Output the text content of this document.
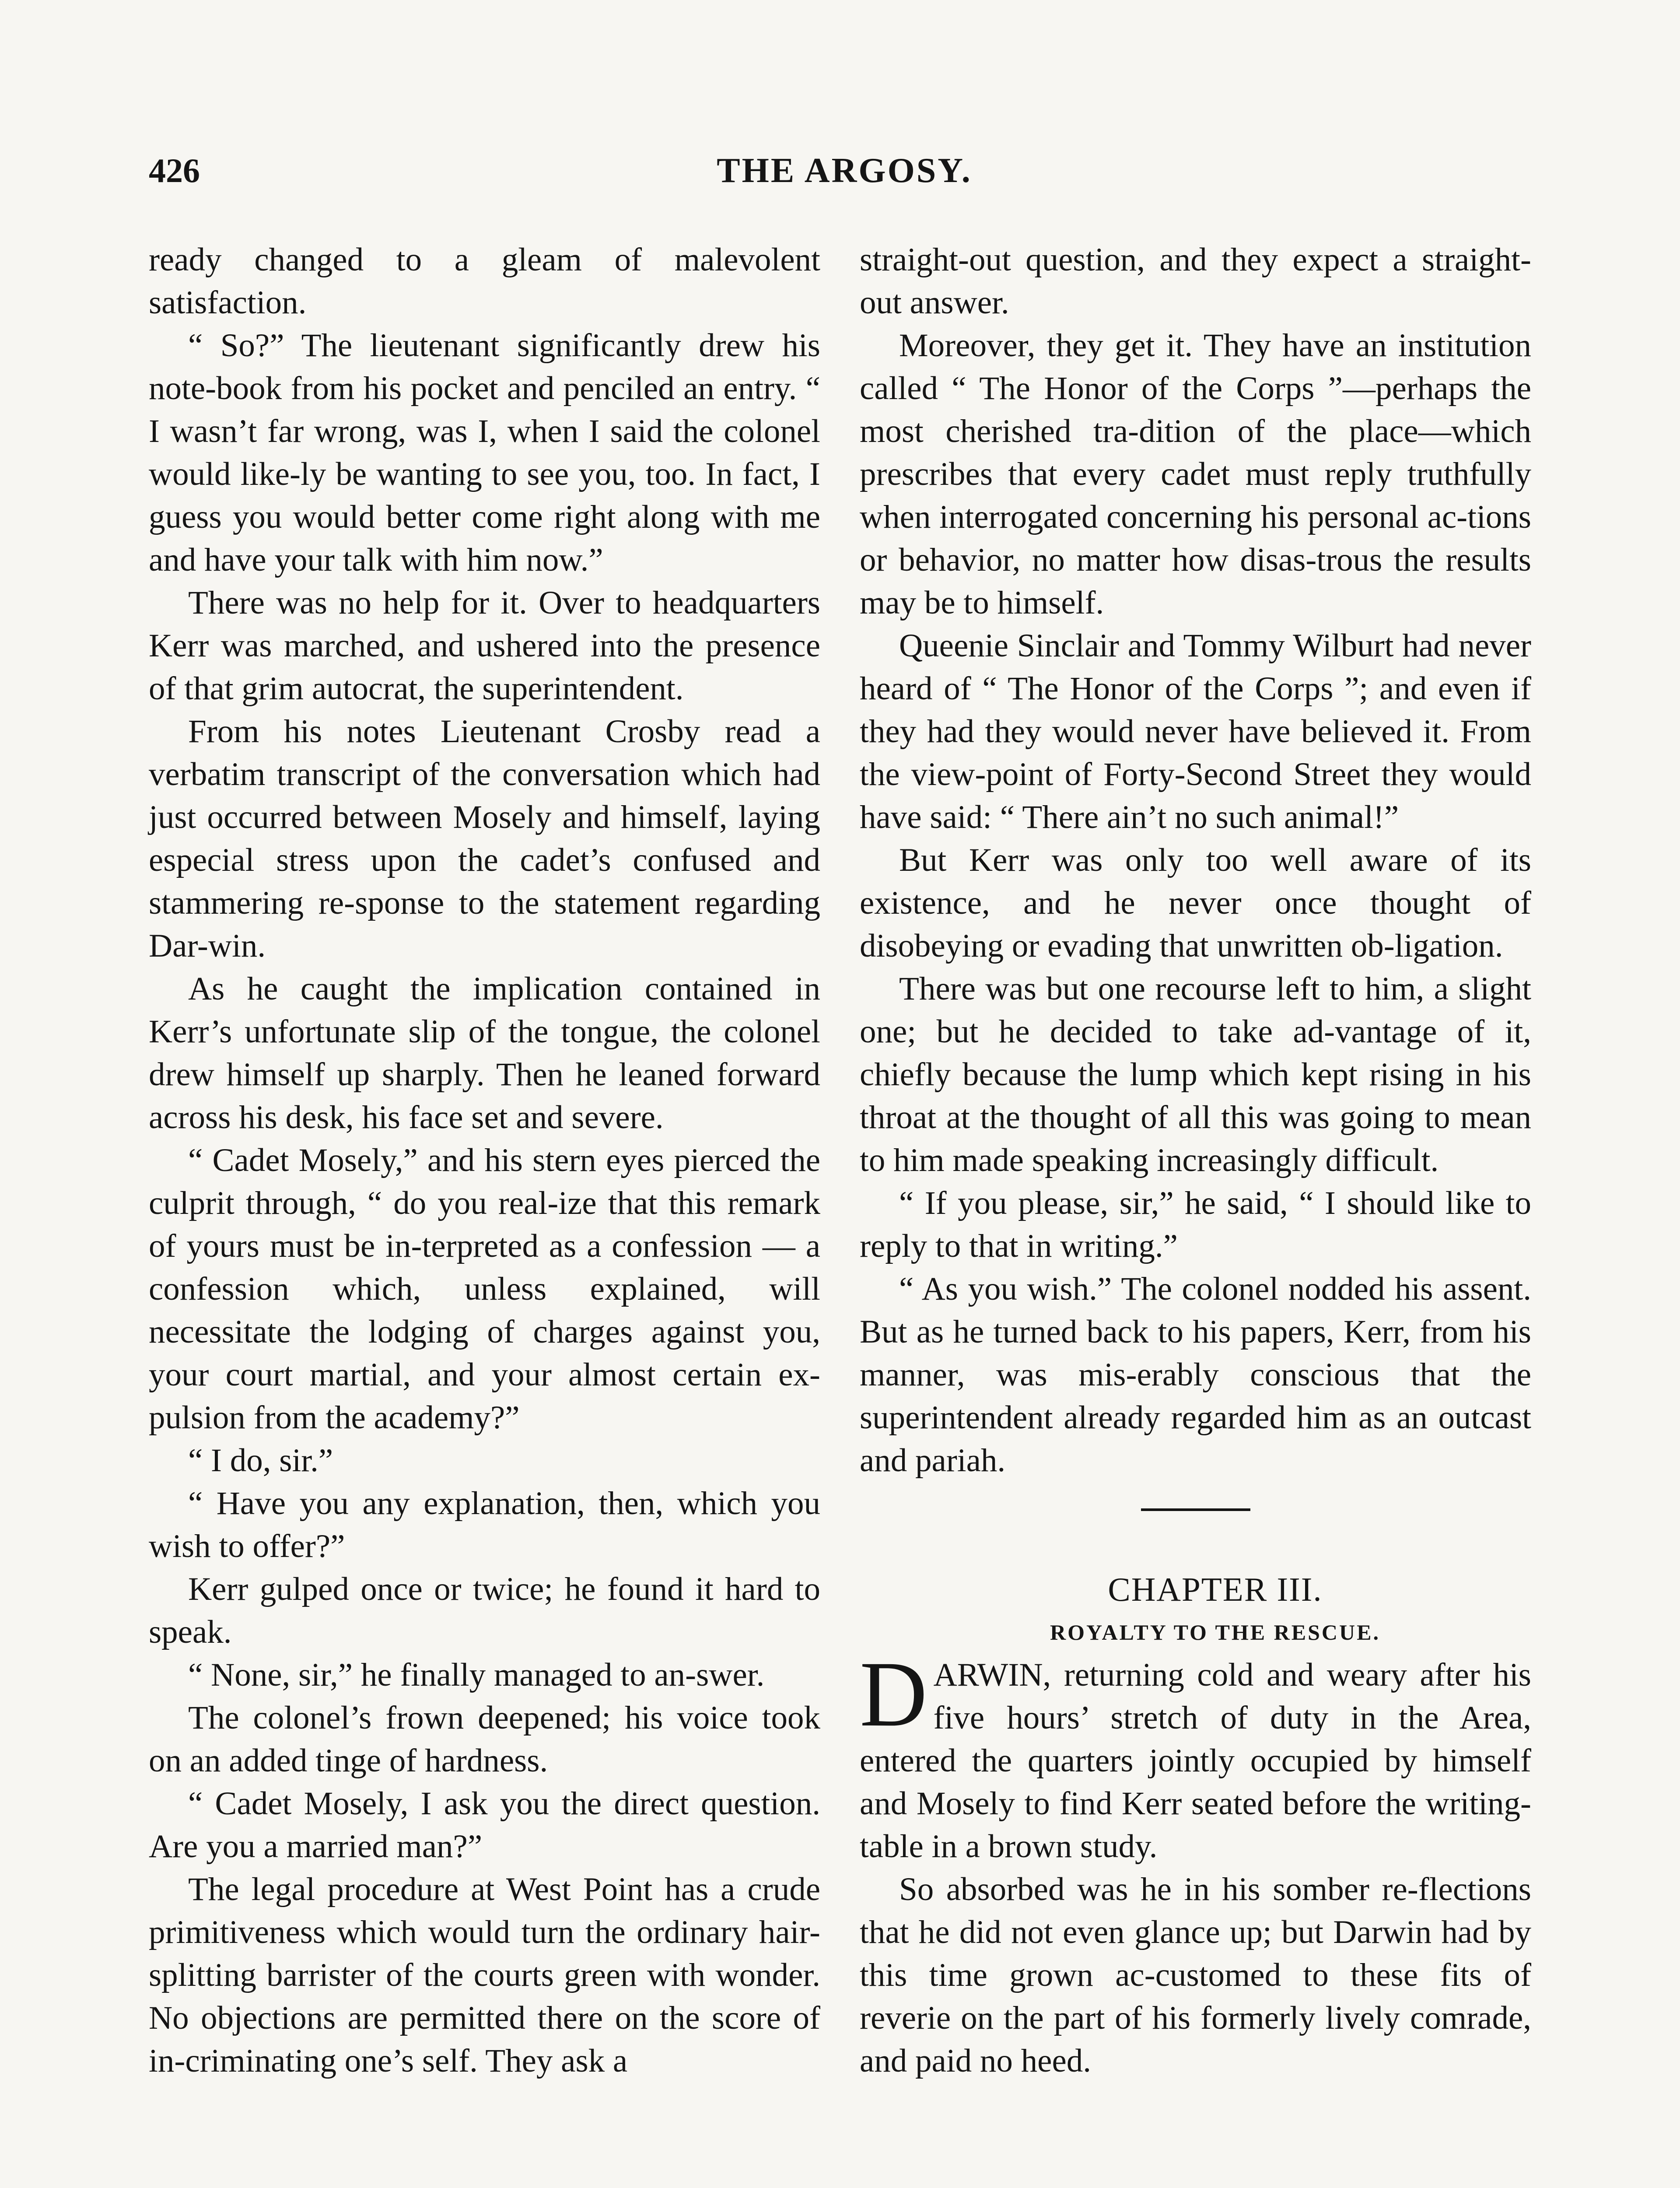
426	THE ARGOSY.

ready changed to a gleam of malevolent satisfaction.

“ So?” The lieutenant significantly drew his note-book from his pocket and penciled an entry. “ I wasn’t far wrong, was I, when I said the colonel would like-ly be wanting to see you, too. In fact, I guess you would better come right along with me and have your talk with him now.”

There was no help for it. Over to headquarters Kerr was marched, and ushered into the presence of that grim autocrat, the superintendent.

From his notes Lieutenant Crosby read a verbatim transcript of the conversation which had just occurred between Mosely and himself, laying especial stress upon the cadet’s confused and stammering re-sponse to the statement regarding Dar-win.

As he caught the implication contained in Kerr’s unfortunate slip of the tongue, the colonel drew himself up sharply. Then he leaned forward across his desk, his face set and severe.

“ Cadet Mosely,” and his stern eyes pierced the culprit through, “ do you real-ize that this remark of yours must be in-terpreted as a confession — a confession which, unless explained, will necessitate the lodging of charges against you, your court martial, and your almost certain ex-pulsion from the academy?”

“ I do, sir.”

“ Have you any explanation, then, which you wish to offer?”

Kerr gulped once or twice; he found it hard to speak.

“ None, sir,” he finally managed to an-swer.

The colonel’s frown deepened; his voice took on an added tinge of hardness.

“ Cadet Mosely, I ask you the direct question. Are you a married man?”

The legal procedure at West Point has a crude primitiveness which would turn the ordinary hair-splitting barrister of the courts green with wonder. No objections are permitted there on the score of in-criminating one’s self. They ask a

straight-out question, and they expect a straight-out answer.

Moreover, they get it. They have an institution called “ The Honor of the Corps ”—perhaps the most cherished tra-dition of the place—which prescribes that every cadet must reply truthfully when interrogated concerning his personal ac-tions or behavior, no matter how disas-trous the results may be to himself.

Queenie Sinclair and Tommy Wilburt had never heard of “ The Honor of the Corps ”; and even if they had they would never have believed it. From the view-point of Forty-Second Street they would have said: “ There ain’t no such animal!”

But Kerr was only too well aware of its existence, and he never once thought of disobeying or evading that unwritten ob-ligation.

There was but one recourse left to him, a slight one; but he decided to take ad-vantage of it, chiefly because the lump which kept rising in his throat at the thought of all this was going to mean to him made speaking increasingly difficult.

“ If you please, sir,” he said, “ I should like to reply to that in writing.”

“ As you wish.” The colonel nodded his assent. But as he turned back to his papers, Kerr, from his manner, was mis-erably conscious that the superintendent already regarded him as an outcast and pariah.

CHAPTER III.

ROYALTY TO THE RESCUE.

DARWIN, returning cold and weary after his five hours’ stretch of duty in the Area, entered the quarters jointly occupied by himself and Mosely to find Kerr seated before the writing-table in a brown study.

So absorbed was he in his somber re-flections that he did not even glance up; but Darwin had by this time grown ac-customed to these fits of reverie on the part of his formerly lively comrade, and paid no heed.
